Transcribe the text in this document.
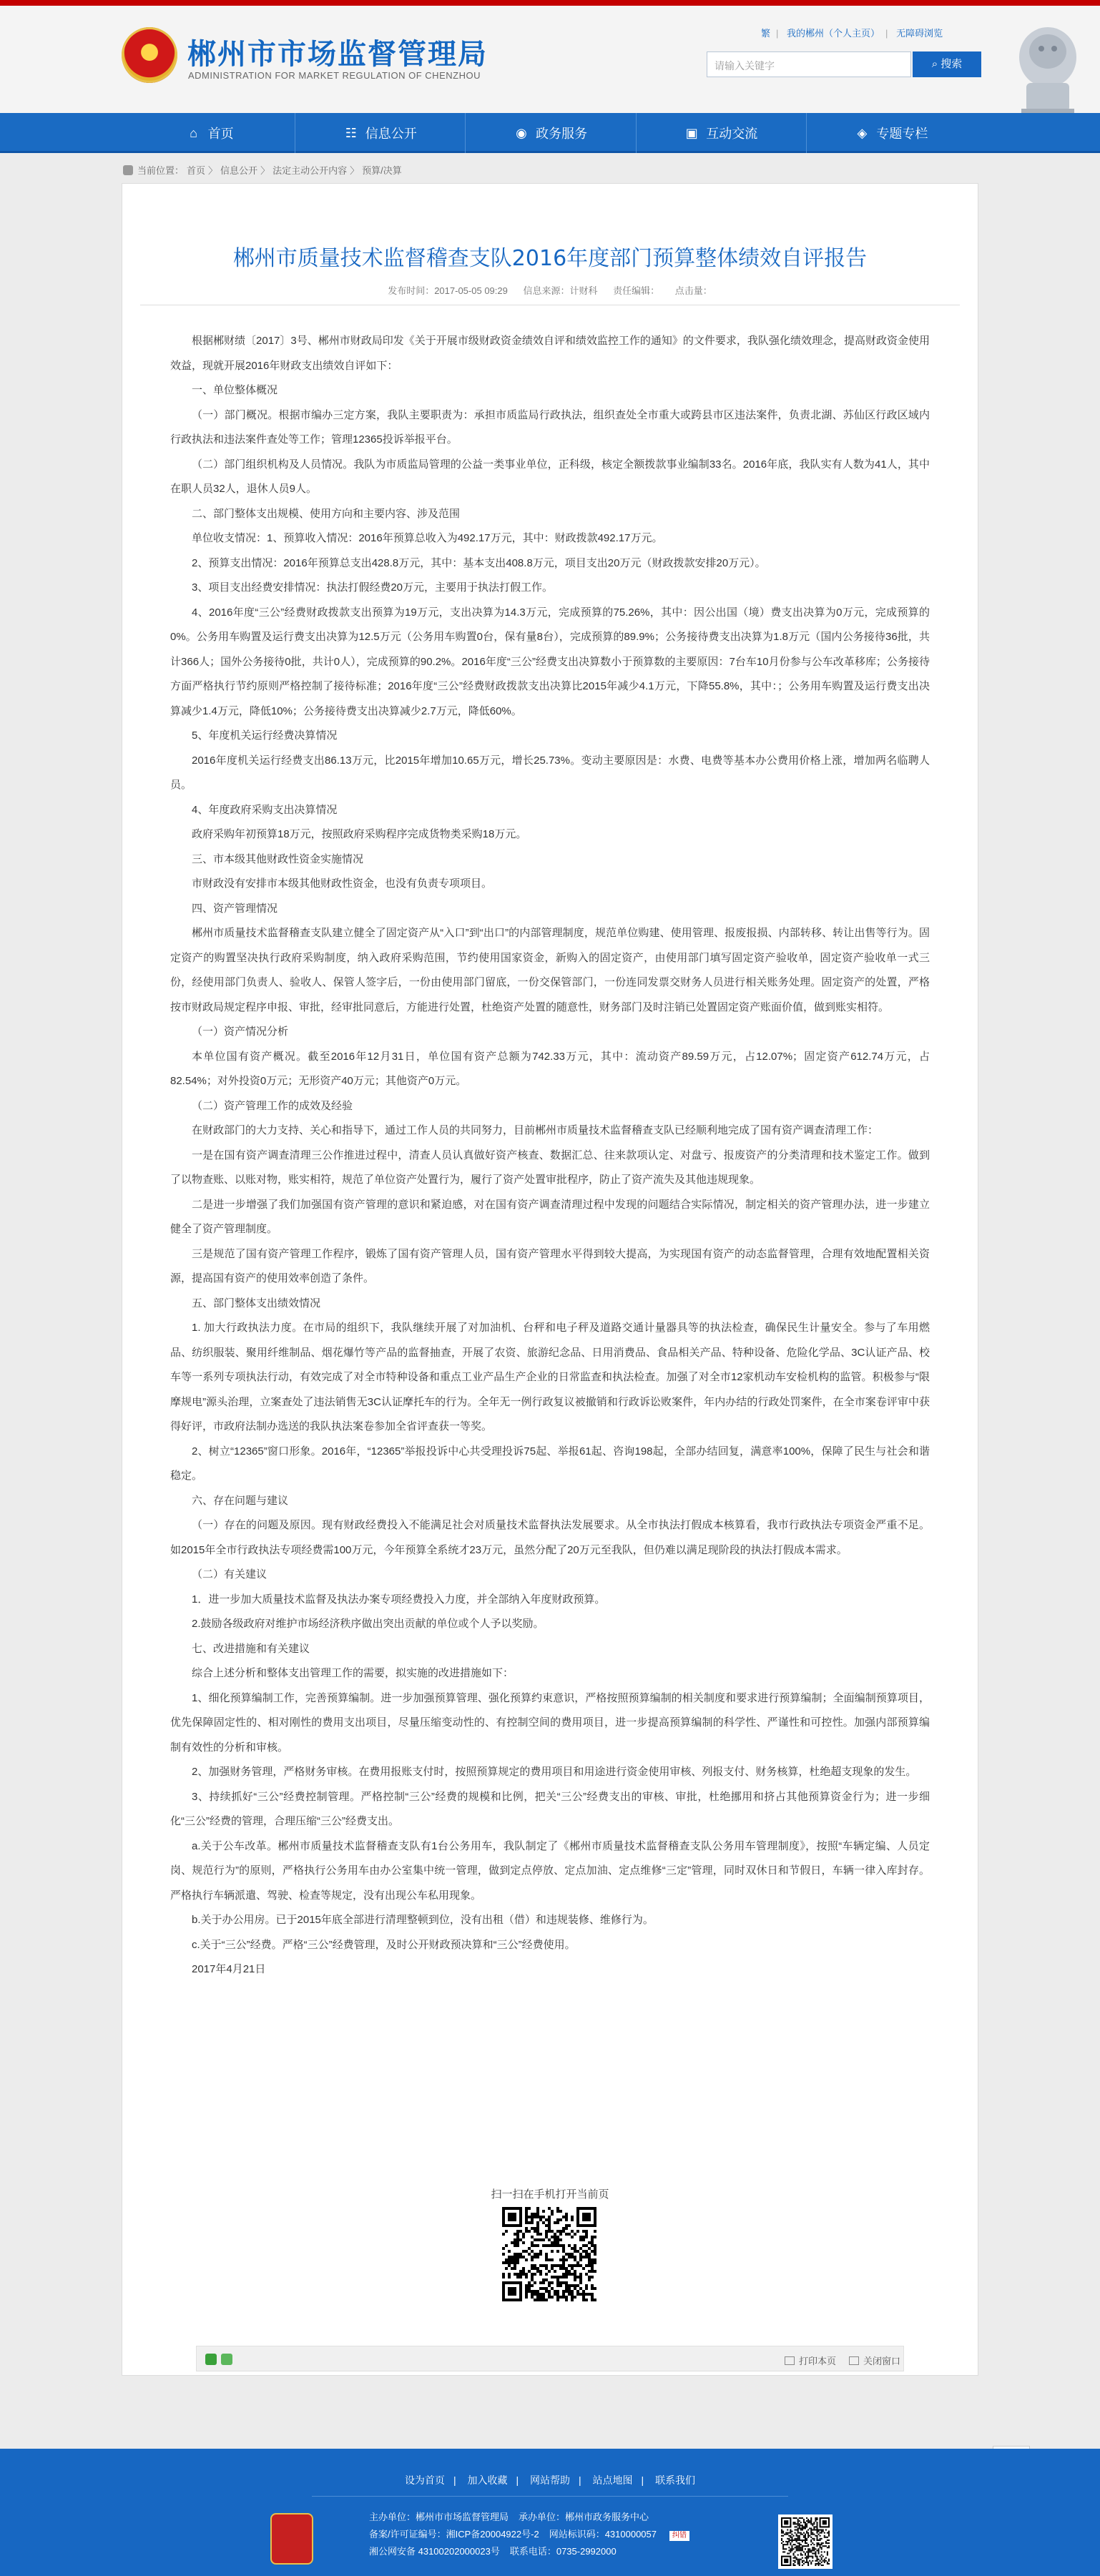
郴州市市场监督管理局
ADMINISTRATION FOR MARKET REGULATION OF CHENZHOU
繁 | 我的郴州（个人主页） | 无障碍浏览
请输入关键字	⌕ 搜索
⌂ 首页	☷ 信息公开	◉ 政务服务	▣ 互动交流	◈ 专题专栏
当前位置： 首页 〉 信息公开 〉 法定主动公开内容 〉 预算/决算
郴州市质量技术监督稽查支队2016年度部门预算整体绩效自评报告
发布时间：2017-05-05 09:29 信息来源：计财科 责任编辑： 点击量：

根据郴财绩〔2017〕3号、郴州市财政局印发《关于开展市级财政资金绩效自评和绩效监控工作的通知》的文件要求，我队强化绩效理念，提高财政资金使用效益，现就开展2016年财政支出绩效自评如下：

一、单位整体概况

（一）部门概况。根据市编办三定方案，我队主要职责为：承担市质监局行政执法，组织查处全市重大或跨县市区违法案件，负责北湖、苏仙区行政区域内行政执法和违法案件查处等工作；管理12365投诉举报平台。

（二）部门组织机构及人员情况。我队为市质监局管理的公益一类事业单位，正科级，核定全额拨款事业编制33名。2016年底，我队实有人数为41人，其中在职人员32人，退休人员9人。

二、部门整体支出规模、使用方向和主要内容、涉及范围

单位收支情况：1、预算收入情况：2016年预算总收入为492.17万元，其中：财政拨款492.17万元。

2、预算支出情况：2016年预算总支出428.8万元，其中：基本支出408.8万元，项目支出20万元（财政拨款安排20万元）。

3、项目支出经费安排情况：执法打假经费20万元，主要用于执法打假工作。

4、2016年度“三公”经费财政拨款支出预算为19万元，支出决算为14.3万元，完成预算的75.26%，其中：因公出国（境）费支出决算为0万元，完成预算的0%。公务用车购置及运行费支出决算为12.5万元（公务用车购置0台，保有量8台），完成预算的89.9%；公务接待费支出决算为1.8万元（国内公务接待36批，共计366人；国外公务接待0批，共计0人），完成预算的90.2%。2016年度“三公”经费支出决算数小于预算数的主要原因：7台车10月份参与公车改革移库；公务接待方面严格执行节约原则严格控制了接待标准；2016年度“三公”经费财政拨款支出决算比2015年减少4.1万元，下降55.8%，其中：；公务用车购置及运行费支出决算减少1.4万元，降低10%；公务接待费支出决算减少2.7万元，降低60%。

5、年度机关运行经费决算情况

2016年度机关运行经费支出86.13万元，比2015年增加10.65万元，增长25.73%。变动主要原因是：水费、电费等基本办公费用价格上涨，增加两名临聘人员。

4、年度政府采购支出决算情况

政府采购年初预算18万元，按照政府采购程序完成货物类采购18万元。

三、市本级其他财政性资金实施情况

市财政没有安排市本级其他财政性资金，也没有负责专项项目。

四、资产管理情况

郴州市质量技术监督稽查支队建立健全了固定资产从“入口”到“出口”的内部管理制度，规范单位购建、使用管理、报废报损、内部转移、转让出售等行为。固定资产的购置坚决执行政府采购制度，纳入政府采购范围，节约使用国家资金，新购入的固定资产，由使用部门填写固定资产验收单，固定资产验收单一式三份，经使用部门负责人、验收人、保管人签字后，一份由使用部门留底，一份交保管部门，一份连同发票交财务人员进行相关账务处理。固定资产的处置，严格按市财政局规定程序申报、审批，经审批同意后，方能进行处置，杜绝资产处置的随意性，财务部门及时注销已处置固定资产账面价值，做到账实相符。

（一）资产情况分析

本单位国有资产概况。截至2016年12月31日，单位国有资产总额为742.33万元，其中：流动资产89.59万元，占12.07%；固定资产612.74万元，占82.54%；对外投资0万元；无形资产40万元；其他资产0万元。

（二）资产管理工作的成效及经验

在财政部门的大力支持、关心和指导下，通过工作人员的共同努力，目前郴州市质量技术监督稽查支队已经顺利地完成了国有资产调查清理工作：

一是在国有资产调查清理三公作推进过程中，清查人员认真做好资产核查、数据汇总、往来款项认定、对盘亏、报废资产的分类清理和技术鉴定工作。做到了以物查账、以账对物，账实相符，规范了单位资产处置行为，履行了资产处置审批程序，防止了资产流失及其他违规现象。

二是进一步增强了我们加强国有资产管理的意识和紧迫感，对在国有资产调查清理过程中发现的问题结合实际情况，制定相关的资产管理办法，进一步建立健全了资产管理制度。

三是规范了国有资产管理工作程序，锻炼了国有资产管理人员，国有资产管理水平得到较大提高，为实现国有资产的动态监督管理，合理有效地配置相关资源，提高国有资产的使用效率创造了条件。

五、部门整体支出绩效情况

1. 加大行政执法力度。在市局的组织下，我队继续开展了对加油机、台秤和电子秤及道路交通计量器具等的执法检查，确保民生计量安全。参与了车用燃品、纺织服装、聚用纤维制品、烟花爆竹等产品的监督抽查，开展了农资、旅游纪念品、日用消费品、食品相关产品、特种设备、危险化学品、3C认证产品、校车等一系列专项执法行动，有效完成了对全市特种设备和重点工业产品生产企业的日常监查和执法检查。加强了对全市12家机动车安检机构的监管。积极参与“限摩规电”源头治理，立案查处了违法销售无3C认证摩托车的行为。全年无一例行政复议被撤销和行政诉讼败案件，年内办结的行政处罚案件，在全市案卷评审中获得好评，市政府法制办选送的我队执法案卷参加全省评查获一等奖。

2、树立“12365”窗口形象。2016年，“12365”举报投诉中心共受理投诉75起、举报61起、咨询198起，全部办结回复，满意率100%，保障了民生与社会和谐稳定。

六、存在问题与建议

（一）存在的问题及原因。现有财政经费投入不能满足社会对质量技术监督执法发展要求。从全市执法打假成本核算看，我市行政执法专项资金严重不足。如2015年全市行政执法专项经费需100万元，今年预算全系统才23万元，虽然分配了20万元至我队，但仍难以满足现阶段的执法打假成本需求。

（二）有关建议

1．进一步加大质量技术监督及执法办案专项经费投入力度，并全部纳入年度财政预算。

2.鼓励各级政府对维护市场经济秩序做出突出贡献的单位或个人予以奖励。

七、改进措施和有关建议

综合上述分析和整体支出管理工作的需要，拟实施的改进措施如下：

1、细化预算编制工作，完善预算编制。进一步加强预算管理、强化预算约束意识，严格按照预算编制的相关制度和要求进行预算编制；全面编制预算项目，优先保障固定性的、相对刚性的费用支出项目，尽量压缩变动性的、有控制空间的费用项目，进一步提高预算编制的科学性、严谨性和可控性。加强内部预算编制有效性的分析和审核。

2、加强财务管理，严格财务审核。在费用报账支付时，按照预算规定的费用项目和用途进行资金使用审核、列报支付、财务核算，杜绝超支现象的发生。

3、持续抓好“三公”经费控制管理。严格控制“三公”经费的规模和比例，把关“三公”经费支出的审核、审批，杜绝挪用和挤占其他预算资金行为；进一步细化“三公”经费的管理，合理压缩“三公”经费支出。

a.关于公车改革。郴州市质量技术监督稽查支队有1台公务用车，我队制定了《郴州市质量技术监督稽查支队公务用车管理制度》，按照“车辆定编、人员定岗、规范行为”的原则，严格执行公务用车由办公室集中统一管理，做到定点停放、定点加油、定点维修“三定”管理，同时双休日和节假日，车辆一律入库封存。严格执行车辆派遣、驾驶、检查等规定，没有出现公车私用现象。

b.关于办公用房。已于2015年底全部进行清理整顿到位，没有出租（借）和违规装修、维修行为。

c.关于“三公”经费。严格“三公”经费管理，及时公开财政预决算和“三公”经费使用。

2017年4月21日

扫一扫在手机打开当前页
打印本页	关闭窗口
设为首页 | 加入收藏 | 网站帮助 | 站点地图 | 联系我们
主办单位：郴州市市场监督管理局 承办单位：郴州市政务服务中心
备案/许可证编号：湘ICP备20004922号-2 网站标识码：4310000057 纠错
湘公网安备 43100202000023号 联系电话：0735-2992000
